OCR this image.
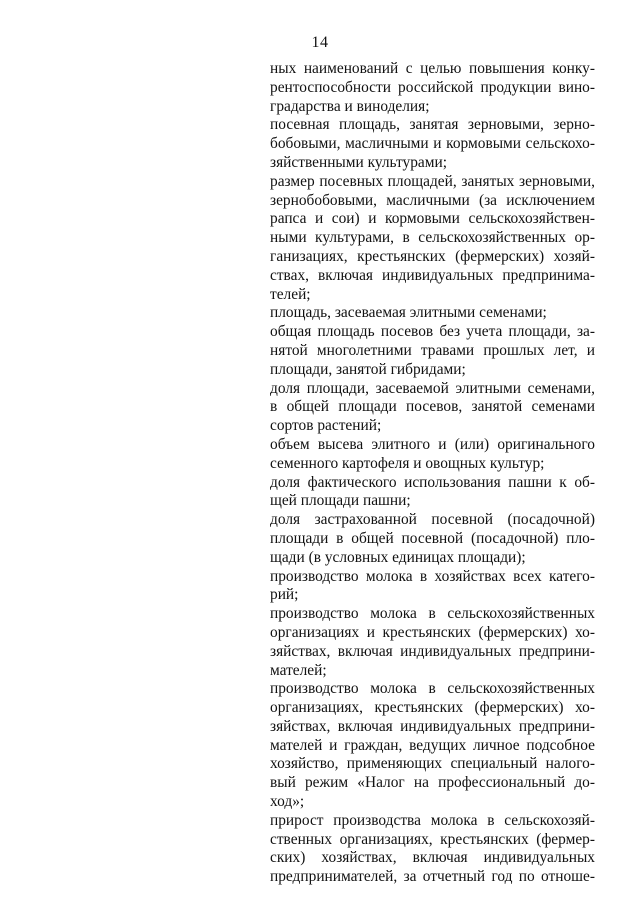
14
ных наименований с целью повышения конку-
рентоспособности российской продукции вино-
градарства и виноделия;
посевная площадь, занятая зерновыми, зерно-
бобовыми, масличными и кормовыми сельскохо-
зяйственными культурами;
размер посевных площадей, занятых зерновыми,
зернобобовыми, масличными (за исключением
рапса и сои) и кормовыми сельскохозяйствен-
ными культурами, в сельскохозяйственных ор-
ганизациях, крестьянских (фермерских) хозяй-
ствах, включая индивидуальных предпринима-
телей;
площадь, засеваемая элитными семенами;
общая площадь посевов без учета площади, за-
нятой многолетними травами прошлых лет, и
площади, занятой гибридами;
доля площади, засеваемой элитными семенами,
в общей площади посевов, занятой семенами
сортов растений;
объем высева элитного и (или) оригинального
семенного картофеля и овощных культур;
доля фактического использования пашни к об-
щей площади пашни;
доля застрахованной посевной (посадочной)
площади в общей посевной (посадочной) пло-
щади (в условных единицах площади);
производство молока в хозяйствах всех катего-
рий;
производство молока в сельскохозяйственных
организациях и крестьянских (фермерских) хо-
зяйствах, включая индивидуальных предприни-
мателей;
производство молока в сельскохозяйственных
организациях, крестьянских (фермерских) хо-
зяйствах, включая индивидуальных предприни-
мателей и граждан, ведущих личное подсобное
хозяйство, применяющих специальный налого-
вый режим «Налог на профессиональный до-
ход»;
прирост производства молока в сельскохозяй-
ственных организациях, крестьянских (фермер-
ских) хозяйствах, включая индивидуальных
предпринимателей, за отчетный год по отноше-
